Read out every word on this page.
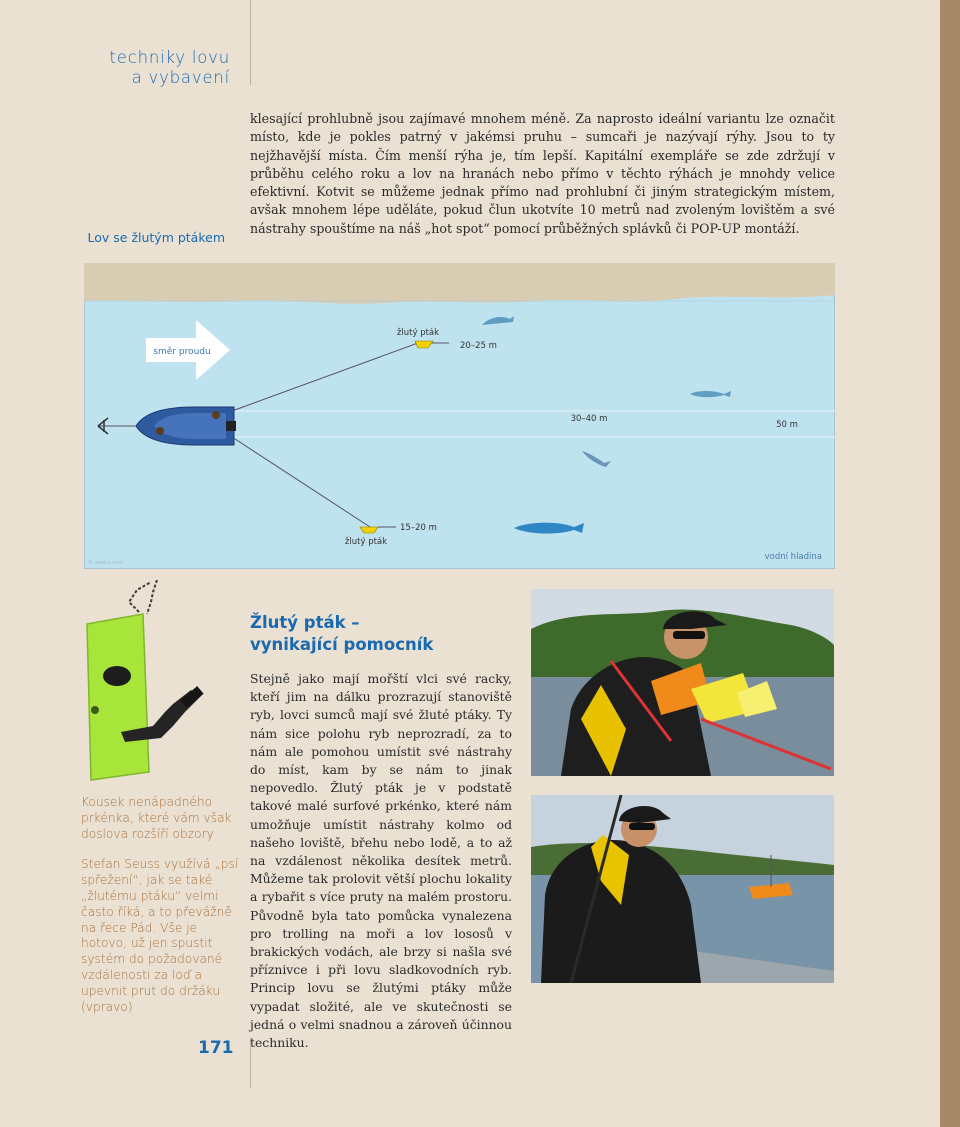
techniky lovu
a vybavení
Lov se žlutým ptákem
klesající prohlubně jsou zajímavé mnohem méně. Za naprosto ideální variantu lze označit místo, kde je pokles patrný v jakémsi pruhu – sumcaři je nazývají rýhy. Jsou to ty nejžhavější místa. Čím menší rýha je, tím lepší. Kapitální exempláře se zde zdržují v průběhu celého roku a lov na hranách nebo přímo v těchto rýhách je mnohdy velice efektivní. Kotvit se můžeme jednak přímo nad prohlubní či jiným strategickým místem, avšak mnohem lépe uděláte, pokud člun ukotvíte 10 metrů nad zvoleným lovištěm a své nástrahy spouštíme na náš „hot spot“ pomocí průběžných splávků či POP-UP montáží.
směr proudu
žlutý pták
20–25 m
15–20 m
žlutý pták
30–40 m
50 m
vodní hladina
© www.x.com

Kousek nenápadného prkénka, které vám však doslova rozšíří obzory

Stefan Seuss využívá „psí spřežení“, jak se také „žlutému ptáku“ velmi často říká, a to převážně na řece Pád. Vše je hotovo, už jen spustit systém do požadované vzdálenosti za loď a upevnit prut do držáku (vpravo)

Žlutý pták –
vynikající pomocník
Stejně jako mají mořští vlci své racky, kteří jim na dálku prozrazují stanoviště ryb, lovci sumců mají své žluté ptáky. Ty nám sice polohu ryb neprozradí, za to nám ale pomohou umístit své nástrahy do míst, kam by se nám to jinak nepovedlo. Žlutý pták je v podstatě takové malé surfové prkénko, které nám umožňuje umístit nástrahy kolmo od našeho loviště, břehu nebo lodě, a to až na vzdálenost několika desítek metrů. Můžeme tak prolovit větší plochu lokality a rybařit s více pruty na malém prostoru. Původně byla tato pomůcka vynalezena pro trolling na moři a lov lososů v brakických vodách, ale brzy si našla své příznivce i při lovu sladkovodních ryb. Princip lovu se žlutými ptáky může vypadat složité, ale ve skutečnosti se jedná o velmi snadnou a zároveň účinnou techniku.
171
